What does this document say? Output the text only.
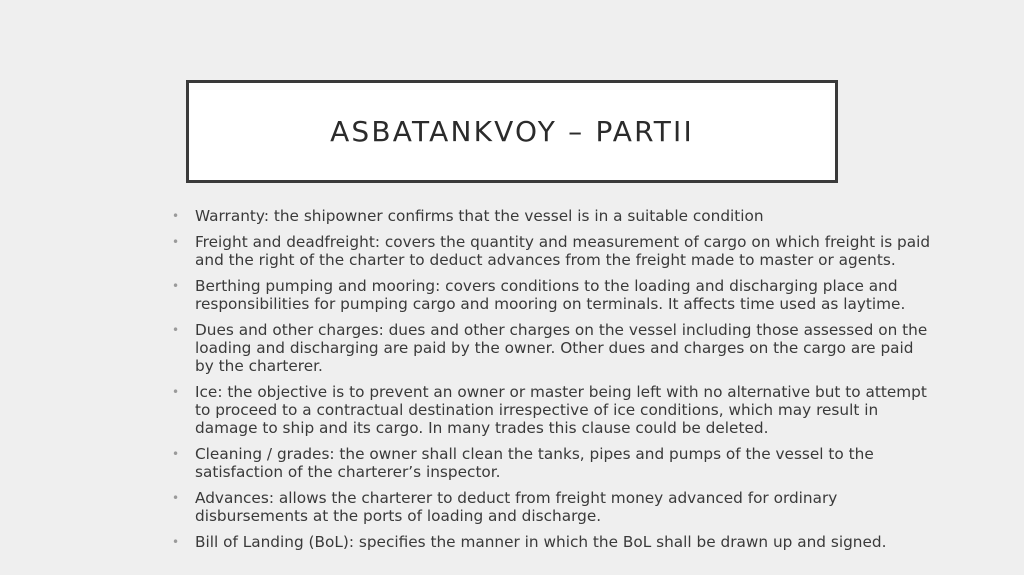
ASBATANKVOY – PARTII
• Warranty: the shipowner confirms that the vessel is in a suitable condition
• Freight and deadfreight: covers the quantity and measurement of cargo on which freight is paid and the right of the charter to deduct advances from the freight made to master or agents.
• Berthing pumping and mooring: covers conditions to the loading and discharging place and responsibilities for pumping cargo and mooring on terminals. It affects time used as laytime.
• Dues and other charges: dues and other charges on the vessel including those assessed on the loading and discharging are paid by the owner. Other dues and charges on the cargo are paid by the charterer.
• Ice: the objective is to prevent an owner or master being left with no alternative but to attempt to proceed to a contractual destination irrespective of ice conditions, which may result in damage to ship and its cargo. In many trades this clause could be deleted.
• Cleaning / grades: the owner shall clean the tanks, pipes and pumps of the vessel to the satisfaction of the charterer’s inspector.
• Advances: allows the charterer to deduct from freight money advanced for ordinary disbursements at the ports of loading and discharge.
• Bill of Landing (BoL): specifies the manner in which the BoL shall be drawn up and signed.
